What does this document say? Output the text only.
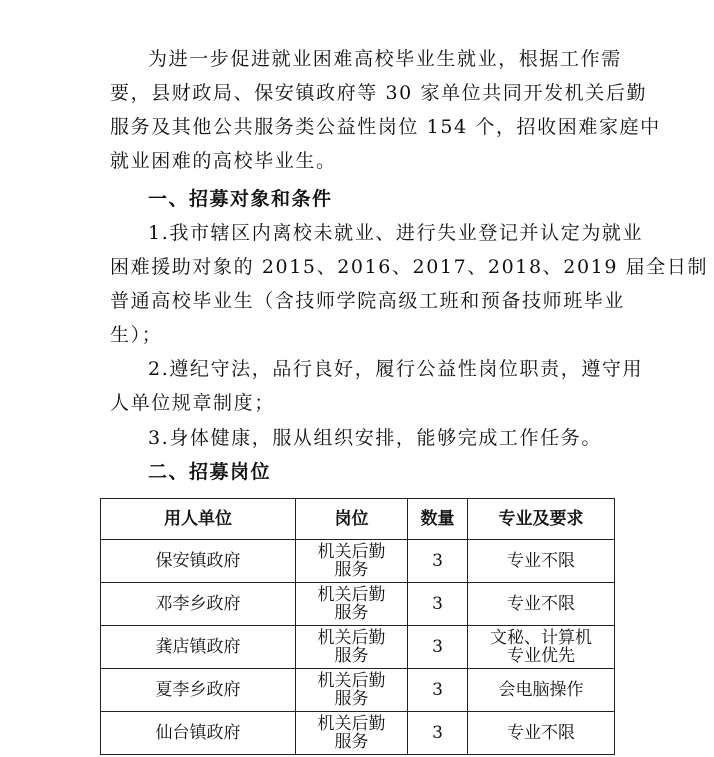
为进一步促进就业困难高校毕业生就业，根据工作需
要，县财政局、保安镇政府等 30 家单位共同开发机关后勤
服务及其他公共服务类公益性岗位 154 个，招收困难家庭中
就业困难的高校毕业生。

一、招募对象和条件

1.我市辖区内离校未就业、进行失业登记并认定为就业
困难援助对象的 2015、2016、2017、2018、2019 届全日制
普通高校毕业生（含技师学院高级工班和预备技师班毕业
生）；

2.遵纪守法，品行良好，履行公益性岗位职责，遵守用
人单位规章制度；

3.身体健康，服从组织安排，能够完成工作任务。

二、招募岗位
用人单位	岗位	数量	专业及要求
保安镇政府	机关后勤
服务	3	专业不限

邓李乡政府	机关后勤
服务	3	专业不限

龚店镇政府	机关后勤
服务	3	文秘、计算机
专业优先

夏李乡政府	机关后勤
服务	3	会电脑操作

仙台镇政府	机关后勤
服务	3	专业不限
